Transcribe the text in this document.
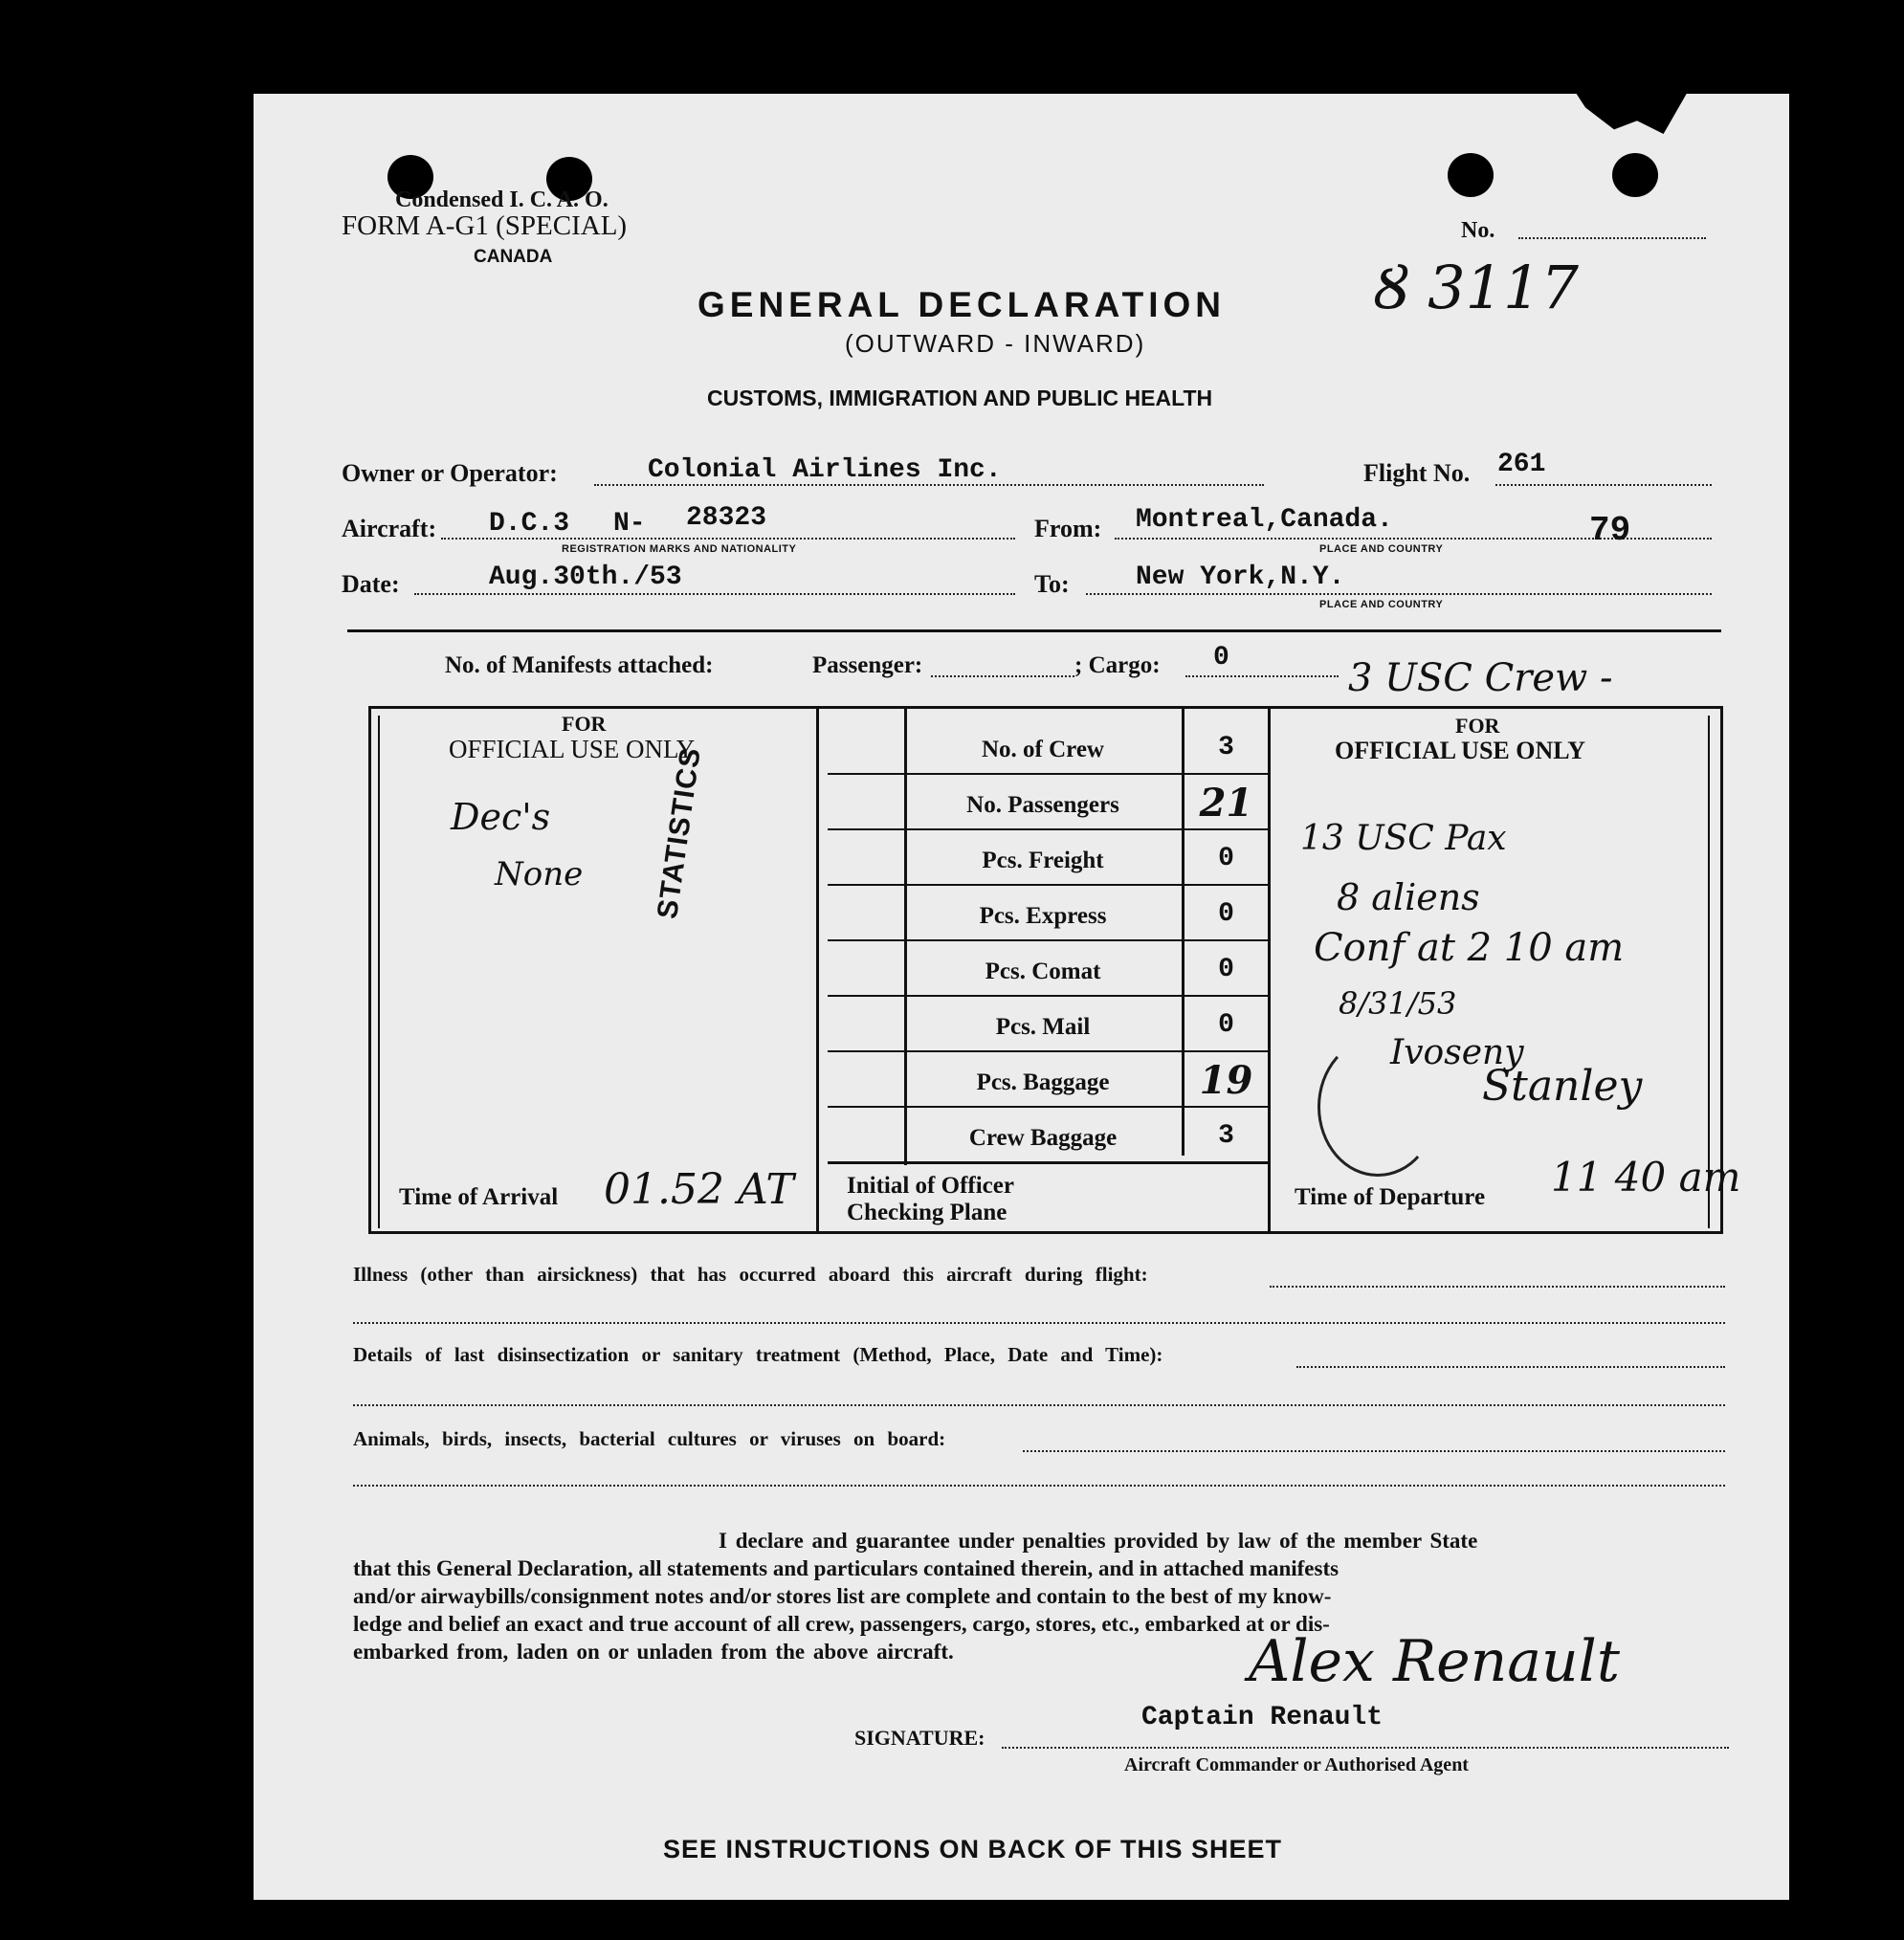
Condensed I. C. A. O.
FORM A-G1 (SPECIAL)
CANADA
No.
GENERAL DECLARATION
(OUTWARD - INWARD)
CUSTOMS, IMMIGRATION AND PUBLIC HEALTH
Ȣ 3117
Owner or Operator:	Colonial Airlines Inc.	Flight No. 261
Aircraft: D.C.3 N- 28323
REGISTRATION MARKS AND NATIONALITY
From: Montreal,Canada.
PLACE AND COUNTRY	79
Date:	Aug.30th./53	To: New York,N.Y.
PLACE AND COUNTRY
No. of Manifests attached:	Passenger:	; Cargo: 0	3 USC Crew -
FOR
OFFICIAL USE ONLY
Dec's
None STATISTICS
Time of Arrival 01.52 AT Initial of Officer
Checking Plane
FOR
OFFICIAL USE ONLY
13 USC Pax
8 aliens
Conf at 2 10 am
8/31/53
Ivoseny
Stanley
Time of Departure 11 40 am
Illness (other than airsickness) that has occurred aboard this aircraft during flight:
Details of last disinsectization or sanitary treatment (Method, Place, Date and Time):
Animals, birds, insects, bacterial cultures or viruses on board:
I declare and guarantee under penalties provided by law of the member State
that this General Declaration, all statements and particulars contained therein, and in attached manifests
and/or airwaybills/consignment notes and/or stores list are complete and contain to the best of my know-
ledge and belief an exact and true account of all crew, passengers, cargo, stores, etc., embarked at or dis-
embarked from, laden on or unladen from the above aircraft.	Alex Renault
Captain Renault
SIGNATURE:
Aircraft Commander or Authorised Agent
SEE INSTRUCTIONS ON BACK OF THIS SHEET
No. of Crew	3
No. Passengers	21
Pcs. Freight	0
Pcs. Express	0
Pcs. Comat	0
Pcs. Mail	0
Pcs. Baggage	19
Crew Baggage	3
